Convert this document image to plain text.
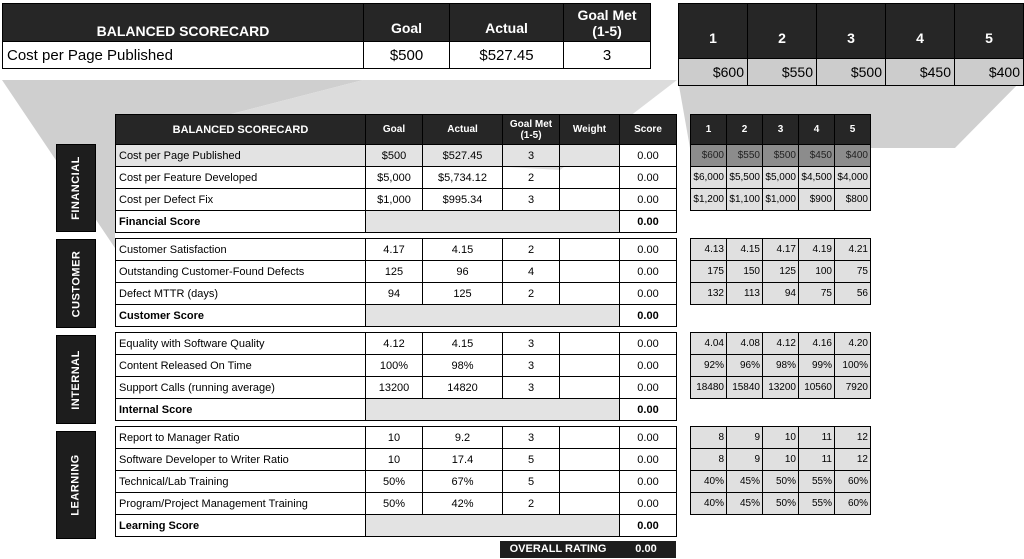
BALANCED SCORECARD	Goal	Actual	Goal Met (1-5)
Cost per Page Published	$500	$527.45	3
1	2	3	4	5
$600	$550	$500	$450	$400
FINANCIAL
CUSTOMER
INTERNAL
LEARNING
BALANCED SCORECARD	Goal	Actual	Goal Met (1-5)	Weight	Score
Cost per Page Published	$500	$527.45	3		0.00
Cost per Feature Developed	$5,000	$5,734.12	2		0.00
Cost per Defect Fix	$1,000	$995.34	3		0.00
Financial Score					0.00

Customer Satisfaction	4.17	4.15	2		0.00
Outstanding Customer-Found Defects	125	96	4		0.00
Defect MTTR (days)	94	125	2		0.00
Customer Score					0.00

Equality with Software Quality	4.12	4.15	3		0.00
Content Released On Time	100%	98%	3		0.00
Support Calls (running average)	13200	14820	3		0.00
Internal Score					0.00

Report to Manager Ratio	10	9.2	3		0.00
Software Developer to Writer Ratio	10	17.4	5		0.00
Technical/Lab Training	50%	67%	5		0.00
Program/Project Management Training	50%	42%	2		0.00
Learning Score					0.00
1	2	3	4	5
$600	$550	$500	$450	$400
$6,000	$5,500	$5,000	$4,500	$4,000
$1,200	$1,100	$1,000	$900	$800

4.13	4.15	4.17	4.19	4.21
175	150	125	100	75
132	113	94	75	56

4.04	4.08	4.12	4.16	4.20
92%	96%	98%	99%	100%
18480	15840	13200	10560	7920

8	9	10	11	12
8	9	10	11	12
40%	45%	50%	55%	60%
40%	45%	50%	55%	60%
OVERALL RATING	0.00
